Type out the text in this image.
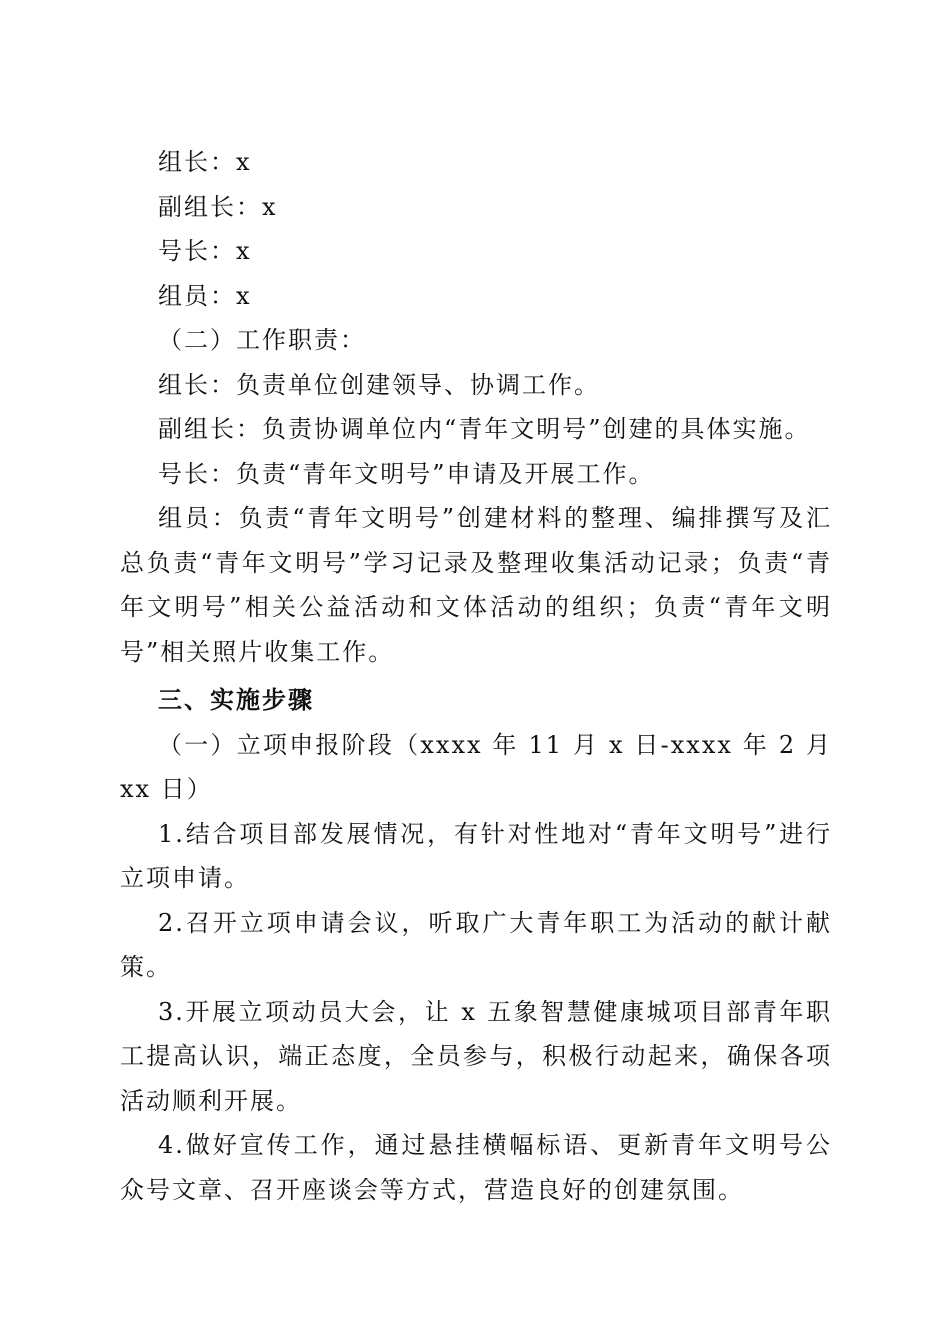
组长：x
副组长：x
号长：x
组员：x
（二）工作职责：
组长：负责单位创建领导、协调工作。
副组长：负责协调单位内“青年文明号”创建的具体实施。
号长：负责“青年文明号”申请及开展工作。
组员：负责“青年文明号”创建材料的整理、编排撰写及汇总负责“青年文明号”学习记录及整理收集活动记录；负责“青年文明号”相关公益活动和文体活动的组织；负责“青年文明号”相关照片收集工作。
三、实施步骤
（一）立项申报阶段（xxxx 年 11 月 x 日-xxxx 年 2 月 xx 日）
1.结合项目部发展情况，有针对性地对“青年文明号”进行立项申请。
2.召开立项申请会议，听取广大青年职工为活动的献计献策。
3.开展立项动员大会，让 x 五象智慧健康城项目部青年职工提高认识，端正态度，全员参与，积极行动起来，确保各项活动顺利开展。
4.做好宣传工作，通过悬挂横幅标语、更新青年文明号公众号文章、召开座谈会等方式，营造良好的创建氛围。
